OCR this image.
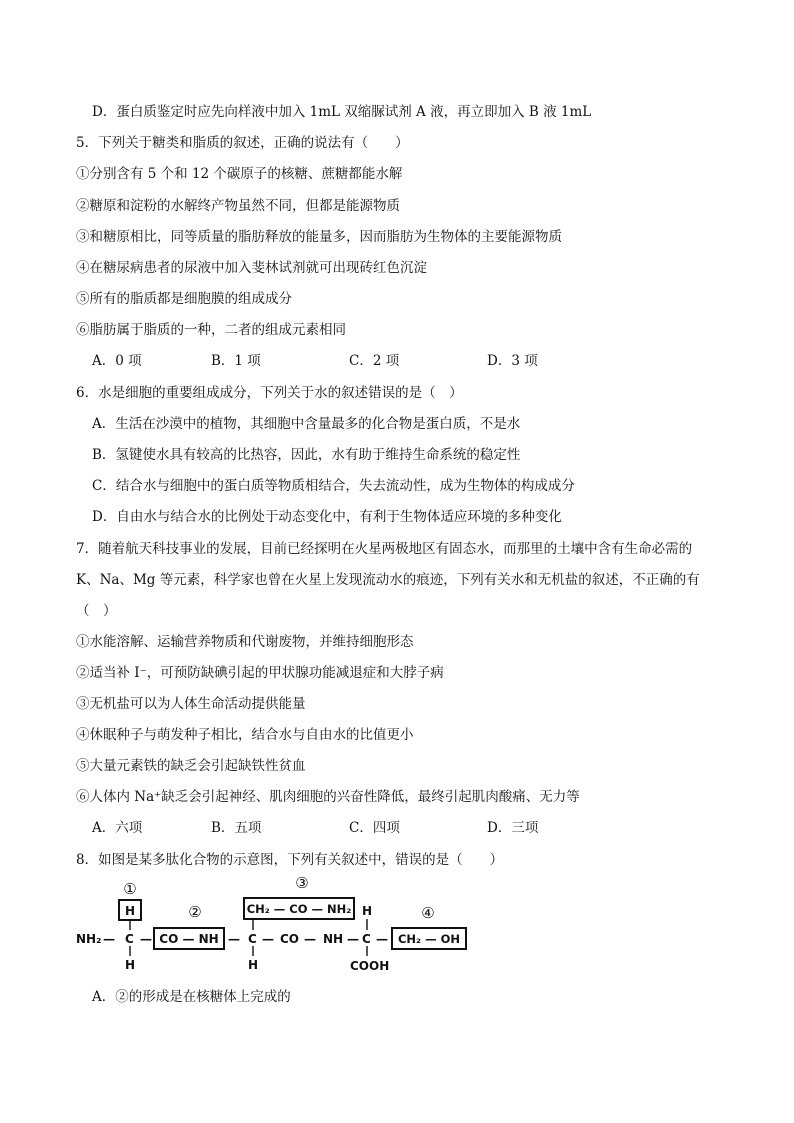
D．蛋白质鉴定时应先向样液中加入 1mL 双缩脲试剂 A 液，再立即加入 B 液 1mL
5．下列关于糖类和脂质的叙述，正确的说法有（　　）
①分别含有 5 个和 12 个碳原子的核糖、蔗糖都能水解
②糖原和淀粉的水解终产物虽然不同，但都是能源物质
③和糖原相比，同等质量的脂肪释放的能量多，因而脂肪为生物体的主要能源物质
④在糖尿病患者的尿液中加入斐林试剂就可出现砖红色沉淀
⑤所有的脂质都是细胞膜的组成成分
⑥脂肪属于脂质的一种，二者的组成元素相同
A．0 项	B．1 项	C．2 项	D．3 项
6．水是细胞的重要组成成分，下列关于水的叙述错误的是（　）
A．生活在沙漠中的植物，其细胞中含量最多的化合物是蛋白质，不是水
B．氢键使水具有较高的比热容，因此，水有助于维持生命系统的稳定性
C．结合水与细胞中的蛋白质等物质相结合，失去流动性，成为生物体的构成成分
D．自由水与结合水的比例处于动态变化中，有利于生物体适应环境的多种变化
7．随着航天科技事业的发展，目前已经探明在火星两极地区有固态水，而那里的土壤中含有生命必需的
K、Na、Mg 等元素，科学家也曾在火星上发现流动水的痕迹，下列有关水和无机盐的叙述，不正确的有
（　）
①水能溶解、运输营养物质和代谢废物，并维持细胞形态
②适当补 I⁻，可预防缺碘引起的甲状腺功能减退症和大脖子病
③无机盐可以为人体生命活动提供能量
④休眠种子与萌发种子相比，结合水与自由水的比值更小
⑤大量元素铁的缺乏会引起缺铁性贫血
⑥人体内 Na⁺缺乏会引起神经、肌肉细胞的兴奋性降低，最终引起肌肉酸痛、无力等
A．六项	B．五项	C．四项	D．三项
8．如图是某多肽化合物的示意图，下列有关叙述中，错误的是（　　）
①
②
③
④
H
NH₂ — C
H
— CO — NH —
CH₂ — CO — NH₂
C
H
— CO — NH —
H
C
COOH
— CH₂ — OH
A．②的形成是在核糖体上完成的
